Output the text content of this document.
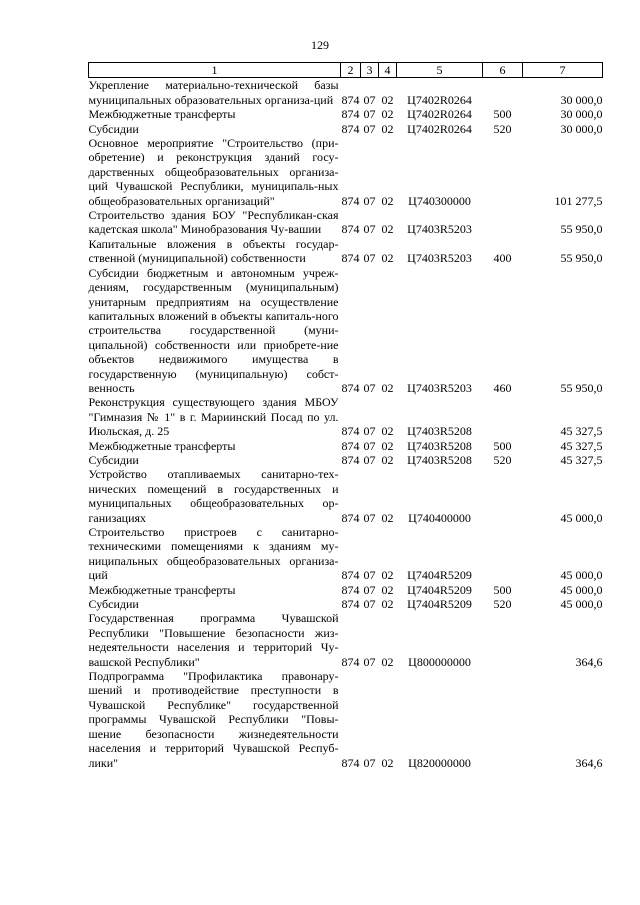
129
1	2	3	4	5	6	7
Укрепление материально-технической базы муниципальных образовательных организа-ций	874	07	02	Ц7402R0264		30 000,0
Межбюджетные трансферты	874	07	02	Ц7402R0264	500	30 000,0
Субсидии	874	07	02	Ц7402R0264	520	30 000,0
Основное мероприятие "Строительство (при-обретение) и реконструкция зданий госу-дарственных общеобразовательных организа-ций Чувашской Республики, муниципаль-ных общеобразовательных организаций"	874	07	02	Ц740300000		101 277,5
Строительство здания БОУ "Республикан-ская кадетская школа" Минобразования Чу-вашии	874	07	02	Ц7403R5203		55 950,0
Капитальные вложения в объекты государ-ственной (муниципальной) собственности	874	07	02	Ц7403R5203	400	55 950,0
Субсидии бюджетным и автономным учреж-дениям, государственным (муниципальным) унитарным предприятиям на осуществление капитальных вложений в объекты капиталь-ного строительства государственной (муни-ципальной) собственности или приобрете-ние объектов недвижимого имущества в государственную (муниципальную) собст-венность	874	07	02	Ц7403R5203	460	55 950,0
Реконструкция существующего здания МБОУ "Гимназия № 1" в г. Мариинский Посад по ул. Июльская, д. 25	874	07	02	Ц7403R5208		45 327,5
Межбюджетные трансферты	874	07	02	Ц7403R5208	500	45 327,5
Субсидии	874	07	02	Ц7403R5208	520	45 327,5
Устройство отапливаемых санитарно-тех-нических помещений в государственных и муниципальных общеобразовательных ор-ганизациях	874	07	02	Ц740400000		45 000,0
Строительство пристроев с санитарно-техническими помещениями к зданиям му-ниципальных общеобразовательных организа-ций	874	07	02	Ц7404R5209		45 000,0
Межбюджетные трансферты	874	07	02	Ц7404R5209	500	45 000,0
Субсидии	874	07	02	Ц7404R5209	520	45 000,0
Государственная программа Чувашской Республики "Повышение безопасности жиз-недеятельности населения и территорий Чу-вашской Республики"	874	07	02	Ц800000000		364,6
Подпрограмма "Профилактика правонару-шений и противодействие преступности в Чувашской Республике" государственной программы Чувашской Республики "Повы-шение безопасности жизнедеятельности населения и территорий Чувашской Респуб-лики"	874	07	02	Ц820000000		364,6
